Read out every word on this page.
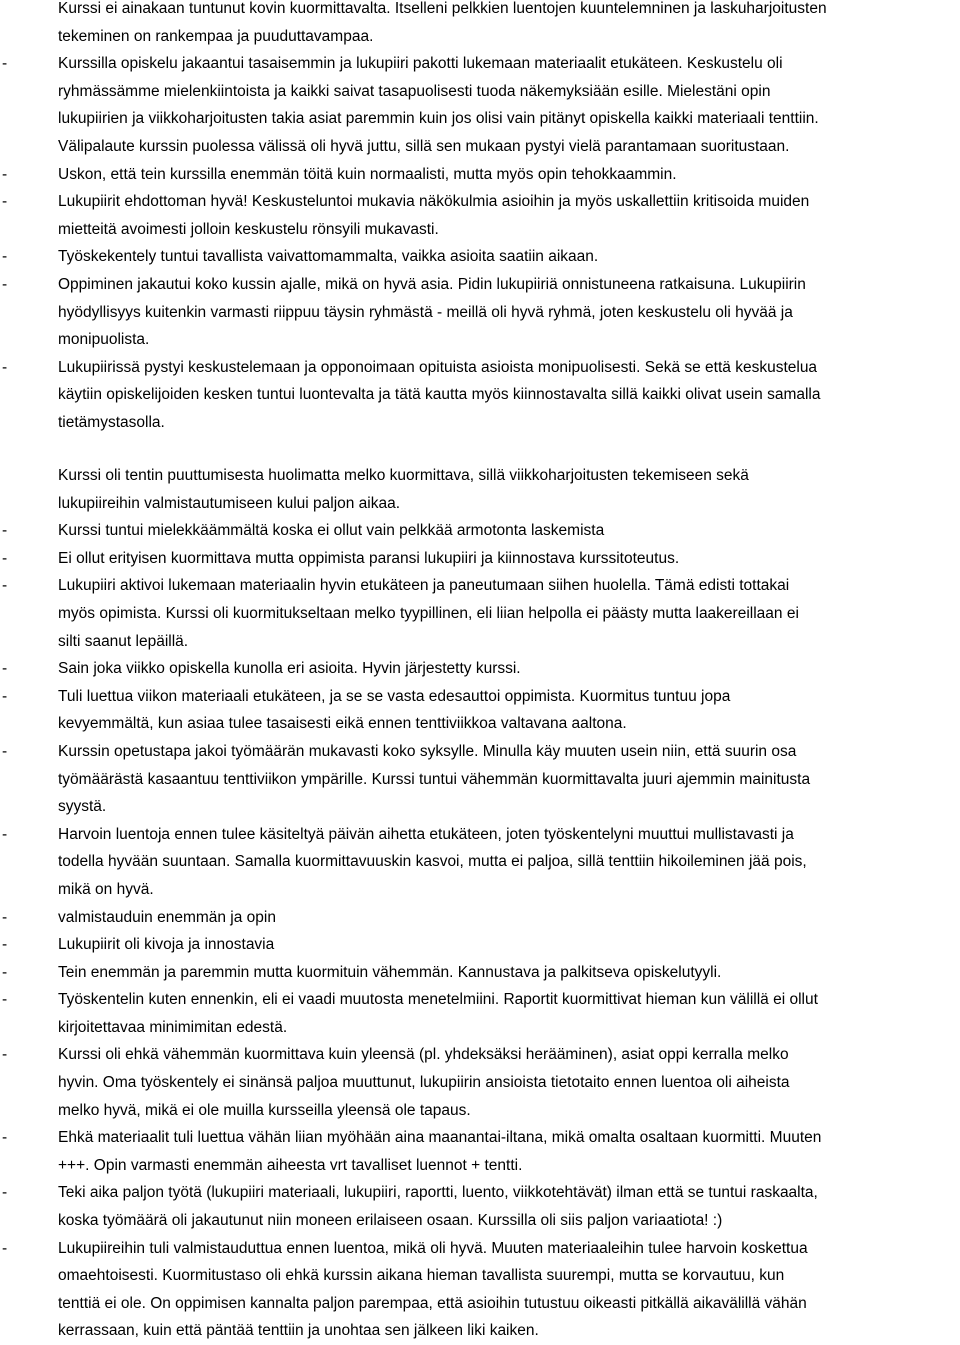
Kurssi ei ainakaan tuntunut kovin kuormittavalta. Itselleni pelkkien luentojen kuuntelemninen ja laskuharjoitusten
tekeminen on rankempaa ja puuduttavampaa.
- Kurssilla opiskelu jakaantui tasaisemmin ja lukupiiri pakotti lukemaan materiaalit etukäteen. Keskustelu oli
ryhmässämme mielenkiintoista ja kaikki saivat tasapuolisesti tuoda näkemyksiään esille. Mielestäni opin
lukupiirien ja viikkoharjoitusten takia asiat paremmin kuin jos olisi vain pitänyt opiskella kaikki materiaali tenttiin.
Välipalaute kurssin puolessa välissä oli hyvä juttu, sillä sen mukaan pystyi vielä parantamaan suoritustaan.
- Uskon, että tein kurssilla enemmän töitä kuin normaalisti, mutta myös opin tehokkaammin.
- Lukupiirit ehdottoman hyvä! Keskusteluntoi mukavia näkökulmia asioihin ja myös uskallettiin kritisoida muiden
mietteitä avoimesti jolloin keskustelu rönsyili mukavasti.
- Työskekentely tuntui tavallista vaivattomammalta, vaikka asioita saatiin aikaan.
- Oppiminen jakautui koko kussin ajalle, mikä on hyvä asia. Pidin lukupiiriä onnistuneena ratkaisuna. Lukupiirin
hyödyllisyys kuitenkin varmasti riippuu täysin ryhmästä - meillä oli hyvä ryhmä, joten keskustelu oli hyvää ja
monipuolista.
- Lukupiirissä pystyi keskustelemaan ja opponoimaan opituista asioista monipuolisesti. Sekä se että keskustelua
käytiin opiskelijoiden kesken tuntui luontevalta ja tätä kautta myös kiinnostavalta sillä kaikki olivat usein samalla
tietämystasolla.
Kurssi oli tentin puuttumisesta huolimatta melko kuormittava, sillä viikkoharjoitusten tekemiseen sekä
lukupiireihin valmistautumiseen kului paljon aikaa.
- Kurssi tuntui mielekkäämmältä koska ei ollut vain pelkkää armotonta laskemista
- Ei ollut erityisen kuormittava mutta oppimista paransi lukupiiri ja kiinnostava kurssitoteutus.
- Lukupiiri aktivoi lukemaan materiaalin hyvin etukäteen ja paneutumaan siihen huolella. Tämä edisti tottakai
myös opimista. Kurssi oli kuormitukseltaan melko tyypillinen, eli liian helpolla ei päästy mutta laakereillaan ei
silti saanut lepäillä.
- Sain joka viikko opiskella kunolla eri asioita. Hyvin järjestetty kurssi.
- Tuli luettua viikon materiaali etukäteen, ja se se vasta edesauttoi oppimista. Kuormitus tuntuu jopa
kevyemmältä, kun asiaa tulee tasaisesti eikä ennen tenttiviikkoa valtavana aaltona.
- Kurssin opetustapa jakoi työmäärän mukavasti koko syksylle. Minulla käy muuten usein niin, että suurin osa
työmäärästä kasaantuu tenttiviikon ympärille. Kurssi tuntui vähemmän kuormittavalta juuri ajemmin mainitusta
syystä.
- Harvoin luentoja ennen tulee käsiteltyä päivän aihetta etukäteen, joten työskentelyni muuttui mullistavasti ja
todella hyvään suuntaan. Samalla kuormittavuuskin kasvoi, mutta ei paljoa, sillä tenttiin hikoileminen jää pois,
mikä on hyvä.
- valmistauduin enemmän ja opin
- Lukupiirit oli kivoja ja innostavia
- Tein enemmän ja paremmin mutta kuormituin vähemmän. Kannustava ja palkitseva opiskelutyyli.
- Työskentelin kuten ennenkin, eli ei vaadi muutosta menetelmiini. Raportit kuormittivat hieman kun välillä ei ollut
kirjoitettavaa minimimitan edestä.
- Kurssi oli ehkä vähemmän kuormittava kuin yleensä (pl. yhdeksäksi herääminen), asiat oppi kerralla melko
hyvin. Oma työskentely ei sinänsä paljoa muuttunut, lukupiirin ansioista tietotaito ennen luentoa oli aiheista
melko hyvä, mikä ei ole muilla kursseilla yleensä ole tapaus.
- Ehkä materiaalit tuli luettua vähän liian myöhään aina maanantai-iltana, mikä omalta osaltaan kuormitti. Muuten
+++. Opin varmasti enemmän aiheesta vrt tavalliset luennot + tentti.
- Teki aika paljon työtä (lukupiiri materiaali, lukupiiri, raportti, luento, viikkotehtävät) ilman että se tuntui raskaalta,
koska työmäärä oli jakautunut niin moneen erilaiseen osaan. Kurssilla oli siis paljon variaatiota! :)
- Lukupiireihin tuli valmistauduttua ennen luentoa, mikä oli hyvä. Muuten materiaaleihin tulee harvoin koskettua
omaehtoisesti. Kuormitustaso oli ehkä kurssin aikana hieman tavallista suurempi, mutta se korvautuu, kun
tenttiä ei ole. On oppimisen kannalta paljon parempaa, että asioihin tutustuu oikeasti pitkällä aikavälillä vähän
kerrassaan, kuin että päntää tenttiin ja unohtaa sen jälkeen liki kaiken.
